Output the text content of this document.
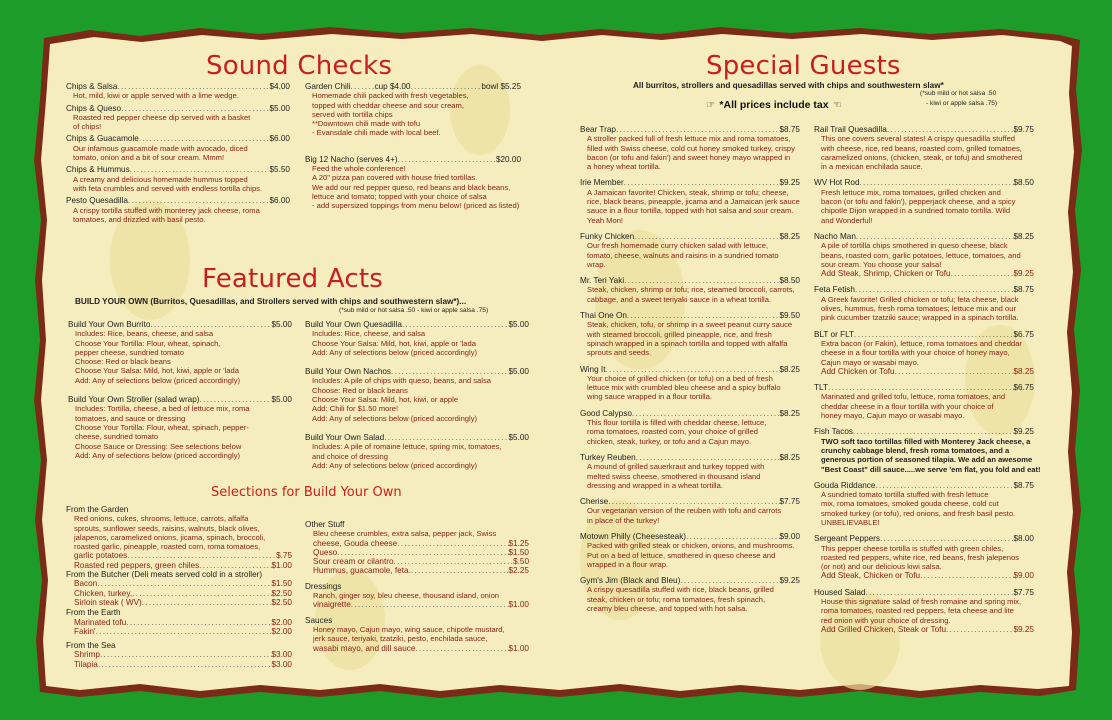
Sound Checks
Chips & Salsa . . .	$4.00
Hot, mild, kiwi or apple served with a lime wedge.
Chips & Queso . . .	$5.00
Roasted red pepper cheese dip served with a basket
of chips!
Chips & Guacamole . . .	$6.00
Our infamous guacamole made with avocado, diced
tomato, onion and a bit of sour cream. Mmm!
Chips & Hummus . . .	$5.50
A creamy and delicious homemade hummus topped
with feta crumbles and served with endless tortilla chips.
Pesto Quesadilla . . .	$6.00
A crispy tortilla stuffed with monterey jack cheese, roma
tomatoes, and drizzled with basil pesto.
Garden Chili . . .	cup $4.00 . . .	bowl $5.25
Homemade chili packed with fresh vegetables,
topped with cheddar cheese and sour cream,
served with tortilla chips
**Downtown chili made with tofu
- Evansdale chili made with local beef.
Big 12 Nacho (serves 4+) . . .	$20.00
Feed the whole conference!
A 20" pizza pan covered with house fried tortillas.
We add our red pepper queso, red beans and black beans,
lettuce and tomato; topped with your choice of salsa
- add supersized toppings from menu below! (priced as listed)
Featured Acts
BUILD YOUR OWN (Burritos, Quesadillas, and Strollers served with chips and southwestern slaw*)...
(*sub mild or hot salsa .50 - kiwi or apple salsa .75)
Build Your Own Burrito . . .	$5.00
Includes: Rice, beans, cheese, and salsa
Choose Your Tortilla: Flour, wheat, spinach,
pepper cheese, sundried tomato
Choose: Red or black beans
Choose Your Salsa: Mild, hot, kiwi, apple or 'lada
Add: Any of selections below (priced accordingly)
Build Your Own Stroller (salad wrap) . . .	$5.00
Includes: Tortilla, cheese, a bed of lettuce mix, roma
tomatoes, and sauce or dressing
Choose Your Tortilla: Flour, wheat, spinach, pepper-
cheese, sundried tomato
Choose Sauce or Dressing: See selections below
Add: Any of selections below (priced accordingly)
Build Your Own Quesadilla . . .	$5.00
Includes: Rice, cheese, and salsa
Choose Your Salsa: Mild, hot, kiwi, apple or 'lada
Add: Any of selections below (priced accordingly)
Build Your Own Nachos . . .	$5.00
Includes: A pile of chips with queso, beans, and salsa
Choose: Red or black beans
Choose Your Salsa: Mild, hot, kiwi, or apple
Add: Chili for $1.50 more!
Add: Any of selections below (priced accordingly)
Build Your Own Salad . . .	$5.00
Includes: A pile of romaine lettuce, spring mix, tomatoes,
and choice of dressing
Add: Any of selections below (priced accordingly)
Selections for Build Your Own
From the Garden
Red onions, cukes, shrooms, lettuce, carrots, alfalfa
sprouts, sunflower seeds, raisins, walnuts, black olives,
jalapenos, caramelized onions, jicama, spinach, broccoli,
roasted garlic, pineapple, roasted corn, roma tomatoes,
garlic potatoes . . .	$.75
Roasted red peppers, green chiles . . .	$1.00
From the Butcher (Deli meats served cold in a stroller)
Bacon . . .	$1.50
Chicken, turkey, . . .	$2.50
Sirloin steak ( WV) . . .	$2.50
From the Earth
Marinated tofu . . .	$2.00
Fakin' . . .	$2.00
From the Sea
Shrimp . . .	$3.00
Tilapia . . .	$3.00
Other Stuff
Bleu cheese crumbles, extra salsa, pepper jack, Swiss
cheese, Gouda cheese . . .	$1.25
Queso . . .	$1.50
Sour cream or cilantro . . .	$.50
Hummus, guacamole, feta. . . .	$2.25
Dressings
Ranch, ginger soy, bleu cheese, thousand island, onion
vinaigrette . . .	$1.00
Sauces
Honey mayo, Cajun mayo, wing sauce, chipotle mustard,
jerk sauce, teriyaki, tzatziki, pesto, enchilada sauce,
wasabi mayo, and dill sauce . . .	$1.00
Special Guests
All burritos, strollers and quesadillas served with chips and southwestern slaw*
(*sub mild or hot salsa .50
- kiwi or apple salsa .75)
☞ *All prices include tax ☜
Bear Trap . . .	$8.75
A stroller packed full of fresh lettuce mix and roma tomatoes,
filled with Swiss cheese, cold cut honey smoked turkey, crispy
bacon (or tofu and fakin') and sweet honey mayo wrapped in
a honey wheat tortilla.
Irie Member . . .	$9.25
A Jamaican favorite! Chicken, steak, shrimp or tofu; cheese,
rice, black beans, pineapple, jicama and a Jamaican jerk sauce
sauce in a flour tortilla, topped with hot salsa and sour cream.
Yeah Mon!
Funky Chicken . . .	$8.25
Our fresh homemade curry chicken salad with lettuce,
tomato, cheese, walnuts and raisins in a sundried tomato
wrap.
Mr. Teri Yaki . . .	$8.50
Steak, chicken, shrimp or tofu; rice, steamed broccoli, carrots,
cabbage, and a sweet teriyaki sauce in a wheat tortilla.
Thai One On . . .	$9.50
Steak, chicken, tofu, or shrimp in a sweet peanut curry sauce
with steamed broccoli, grilled pineapple, rice, and fresh
spinach wrapped in a spinach tortilla and topped with alfalfa
sprouts and seeds.
Wing It . . .	$8.25
Your choice of grilled chicken (or tofu) on a bed of fresh
lettuce mix with crumbled bleu cheese and a spicy buffalo
wing sauce wrapped in a flour tortilla.
Good Calypso . . .	$8.25
This flour tortilla is filled with cheddar cheese, lettuce,
roma tomatoes, roasted corn, your choice of grilled
chicken, steak, turkey, or tofu and a Cajun mayo.
Turkey Reuben . . .	$8.25
A mound of grilled sauerkraut and turkey topped with
melted swiss cheese, smothered in thousand island
dressing and wrapped in a wheat tortilla.
Cherise . . .	$7.75
Our vegetarian version of the reuben with tofu and carrots
in place of the turkey!
Motown Philly (Cheesesteak) . . .	$9.00
Packed with grilled steak or chicken, onions, and mushrooms.
Put on a bed of lettuce, smothered in queso cheese and
wrapped in a flour wrap.
Gym's Jim (Black and Bleu) . . .	$9.25
A crispy quesadilla stuffed with rice, black beans, grilled
steak, chicken or tofu; roma tomatoes, fresh spinach,
creamy bleu cheese, and topped with hot salsa.
Rail Trail Quesadilla . . .	$9.75
This one covers several states! A crispy quesadilla stuffed
with cheese, rice, red beans, roasted corn, grilled tomatoes,
caramelized onions, (chicken, steak, or tofu) and smothered
in a mexican enchilada sauce.
WV Hot Rod . . .	$8.50
Fresh lettuce mix, roma tomatoes, grilled chicken and
bacon (or tofu and fakin'), pepperjack cheese, and a spicy
chipotle Dijon wrapped in a sundried tomato tortilla. Wild
and Wonderful!
Nacho Man . . .	$8.25
A pile of tortilla chips smothered in queso cheese, black
beans, roasted corn, garlic potatoes, lettuce, tomatoes, and
sour cream. You choose your salsa!
Add Steak, Shrimp, Chicken or Tofu . . .	$9.25
Feta Fetish . . .	$8.75
A Greek favorite! Grilled chicken or tofu; feta cheese, black
olives, hummus, fresh roma tomatoes; lettuce mix and our
pink cucumber tzatziki sauce; wrapped in a spinach tortilla.
BLT or FLT . . .	$6.75
Extra bacon (or Fakin), lettuce, roma tomatoes and cheddar
cheese in a flour tortilla with your choice of honey mayo,
Cajun mayo or wasabi mayo.
Add Chicken or Tofu . . .	$8.25
TLT . . .	$6.75
Marinated and grilled tofu, lettuce, roma tomatoes, and
cheddar cheese in a flour tortilla with your choice of
honey mayo, Cajun mayo or wasabi mayo.
Fish Tacos . . .	$9.25
TWO soft taco tortillas filled with Monterey Jack cheese, a
crunchy cabbage blend, fresh roma tomatoes, and a
generous portion of seasoned tilapia. We add an awesome
"Best Coast" dill sauce.....we serve 'em flat, you fold and eat!
Gouda Riddance . . .	$8.75
A sundried tomato tortilla stuffed with fresh lettuce
mix, roma tomatoes, smoked gouda cheese, cold cut
smoked turkey (or tofu), red onions, and fresh basil pesto.
UNBELIEVABLE!
Sergeant Peppers . . .	$8.00
This pepper cheese tortilla is stuffed with green chiles,
roasted red peppers, white rice, red beans, fresh jalepenos
(or not) and our delicious kiwi salsa.
Add Steak, Chicken or Tofu . . .	$9.00
Housed Salad . . .	$7.75
House this signature salad of fresh romaine and spring mix,
roma tomatoes, roasted red peppers, feta cheese and lite
red onion with your choice of dressing.
Add Grilled Chicken, Steak or Tofu . . .	$9.25
